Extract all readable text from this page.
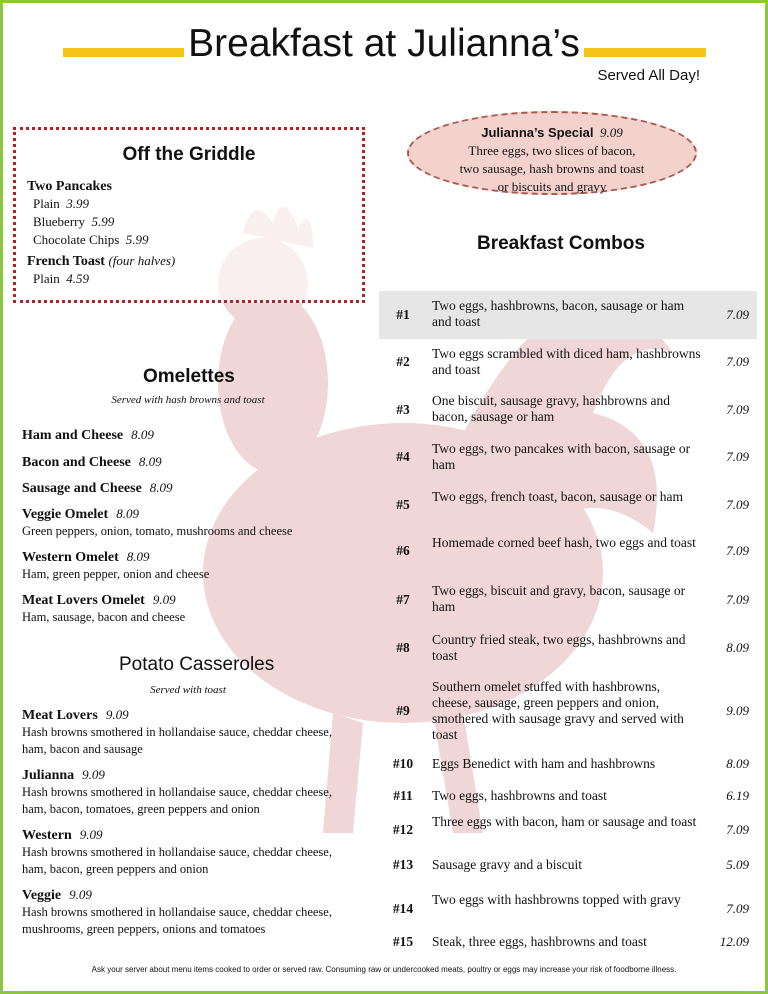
Breakfast at Julianna’s
Served All Day!
Off the Griddle
Two Pancakes
Plain 3.99
Blueberry 5.99
Chocolate Chips 5.99
French Toast (four halves)
Plain 4.59
Julianna’s Special 9.09
Three eggs, two slices of bacon,
two sausage, hash browns and toast
or biscuits and gravy
Omelettes
Served with hash browns and toast
Ham and Cheese 8.09
Bacon and Cheese 8.09
Sausage and Cheese 8.09
Veggie Omelet 8.09
Green peppers, onion, tomato, mushrooms and cheese
Western Omelet 8.09
Ham, green pepper, onion and cheese
Meat Lovers Omelet 9.09
Ham, sausage, bacon and cheese
Potato Casseroles
Served with toast
Meat Lovers 9.09
Hash browns smothered in hollandaise sauce, cheddar cheese,
ham, bacon and sausage
Julianna 9.09
Hash browns smothered in hollandaise sauce, cheddar cheese,
ham, bacon, tomatoes, green peppers and onion
Western 9.09
Hash browns smothered in hollandaise sauce, cheddar cheese,
ham, bacon, green peppers and onion
Veggie 9.09
Hash browns smothered in hollandaise sauce, cheddar cheese,
mushrooms, green peppers, onions and tomatoes
Breakfast Combos
#1
Two eggs, hashbrowns, bacon, sausage or ham and toast	7.09
#2
Two eggs scrambled with diced ham, hashbrowns and toast
7.09
#3
One biscuit, sausage gravy, hashbrowns and bacon, sausage or ham	7.09
#4
Two eggs, two pancakes with bacon, sausage or ham
7.09
#5
Two eggs, french toast, bacon, sausage or ham
7.09
#6
Homemade corned beef hash, two eggs and toast
7.09
#7
Two eggs, biscuit and gravy, bacon, sausage or ham	7.09
#8
Country fried steak, two eggs, hashbrowns and toast
8.09
#9
Southern omelet stuffed with hashbrowns, cheese, sausage, green peppers and onion, smothered with sausage gravy and served with toast
9.09
#10	Eggs Benedict with ham and hashbrowns	8.09
#11	Two eggs, hashbrowns and toast	6.19
#12
Three eggs with bacon, ham or sausage and toast
7.09
#13	Sausage gravy and a biscuit	5.09
#14
Two eggs with hashbrowns topped with gravy
7.09
#15	Steak, three eggs, hashbrowns and toast	12.09
Ask your server about menu items cooked to order or served raw. Consuming raw or undercooked meats, poultry or eggs may increase your risk of foodborne illness.
